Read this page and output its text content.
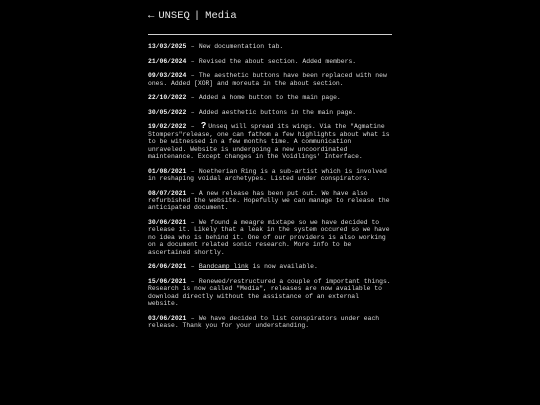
← UNSEQ | Media

13/03/2025 – New documentation tab.

21/06/2024 – Revised the about section. Added members.

09/03/2024 – The aesthetic buttons have been replaced with new ones. Added [XOR] and moreuta in the about section.

22/10/2022 – Added a home button to the main page.

30/05/2022 – Added aesthetic buttons in the main page.

19/02/2022 – ? Unseq will spread its wings. Via the "Agmatine Stompers"release, one can fathom a few highlights about what is to be witnessed in a few months time. A communication unraveled. Website is undergoing a new uncoordinated maintenance. Except changes in the Voidlings' Interface.

01/08/2021 – Noetherian Ring is a sub-artist which is involved in reshaping voidal archetypes. Listed under conspirators.

08/07/2021 – A new release has been put out. We have also refurbished the website. Hopefully we can manage to release the anticipated document.

30/06/2021 – We found a meagre mixtape so we have decided to release it. Likely that a leak in the system occured so we have no idea who is behind it. One of our providers is also working on a document related sonic research. More info to be ascertained shortly.

26/06/2021 – Bandcamp link is now available.

15/06/2021 – Renewed/restructured a couple of important things. Research is now called "Media", releases are now available to download directly without the assistance of an external website.

03/06/2021 – We have decided to list conspirators under each release. Thank you for your understanding.
